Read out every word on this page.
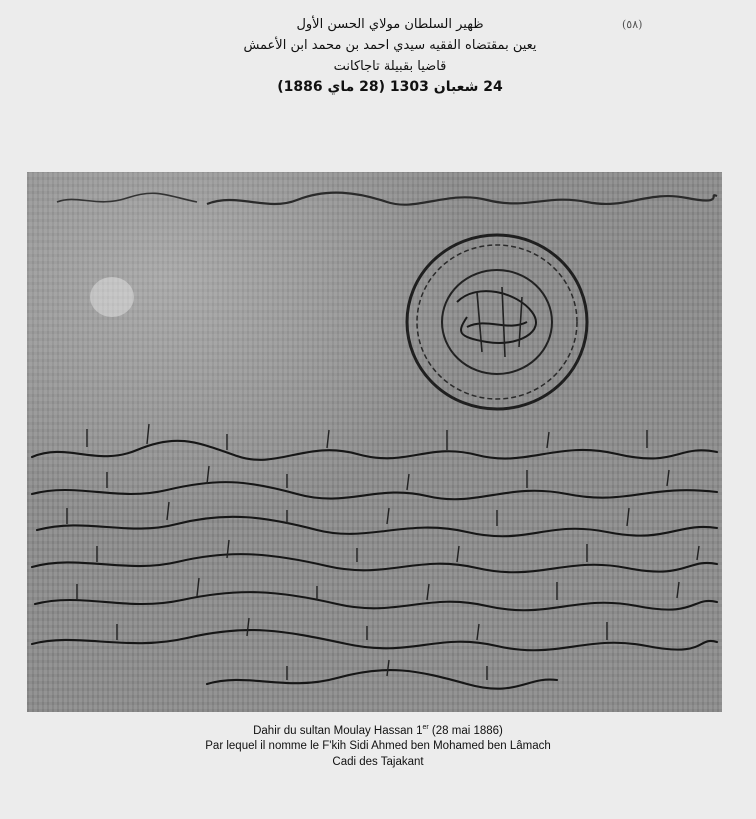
(٥٨)
ظهير السلطان مولاي الحسن الأول
يعين بمقتضاه الفقيه سيدي احمد بن محمد ابن الأعمش
قاضيا بقبيلة تاجاكانت
24 شعبان 1303 (28 ماي 1886)
Dahir du sultan Moulay Hassan 1er (28 mai 1886)
Par lequel il nomme le F'kih Sidi Ahmed ben Mohamed ben Lâmach
Cadi des Tajakant
